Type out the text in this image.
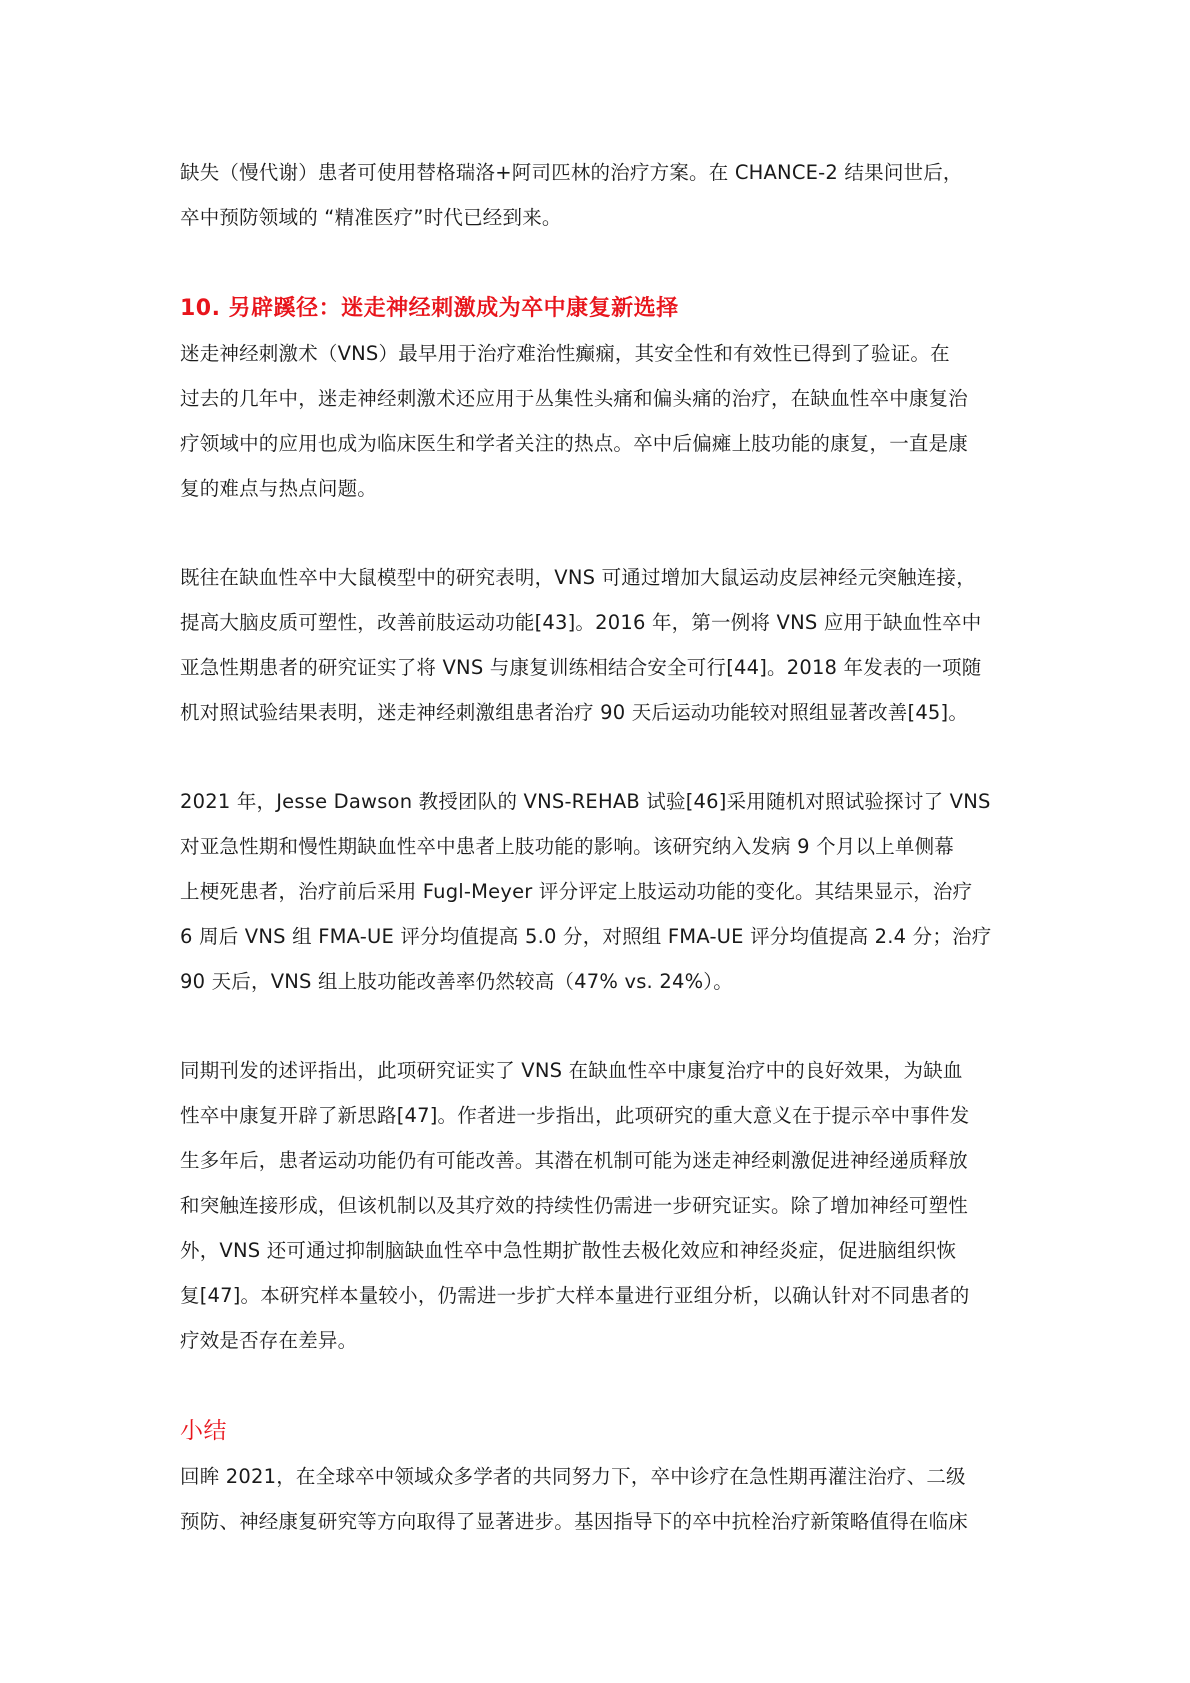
缺失（慢代谢）患者可使用替格瑞洛+阿司匹林的治疗方案。在 CHANCE-2 结果问世后，
卒中预防领域的 “精准医疗”时代已经到来。

10. 另辟蹊径：迷走神经刺激成为卒中康复新选择

迷走神经刺激术（VNS）最早用于治疗难治性癫痫，其安全性和有效性已得到了验证。在
过去的几年中，迷走神经刺激术还应用于丛集性头痛和偏头痛的治疗，在缺血性卒中康复治
疗领域中的应用也成为临床医生和学者关注的热点。卒中后偏瘫上肢功能的康复，一直是康
复的难点与热点问题。

既往在缺血性卒中大鼠模型中的研究表明，VNS 可通过增加大鼠运动皮层神经元突触连接，
提高大脑皮质可塑性，改善前肢运动功能[43]。2016 年，第一例将 VNS 应用于缺血性卒中
亚急性期患者的研究证实了将 VNS 与康复训练相结合安全可行[44]。2018 年发表的一项随
机对照试验结果表明，迷走神经刺激组患者治疗 90 天后运动功能较对照组显著改善[45]。

2021 年，Jesse Dawson 教授团队的 VNS-REHAB 试验[46]采用随机对照试验探讨了 VNS
对亚急性期和慢性期缺血性卒中患者上肢功能的影响。该研究纳入发病 9 个月以上单侧幕
上梗死患者，治疗前后采用 Fugl-Meyer 评分评定上肢运动功能的变化。其结果显示，治疗
6 周后 VNS 组 FMA-UE 评分均值提高 5.0 分，对照组 FMA-UE 评分均值提高 2.4 分；治疗
90 天后，VNS 组上肢功能改善率仍然较高（47% vs. 24%）。

同期刊发的述评指出，此项研究证实了 VNS 在缺血性卒中康复治疗中的良好效果，为缺血
性卒中康复开辟了新思路[47]。作者进一步指出，此项研究的重大意义在于提示卒中事件发
生多年后，患者运动功能仍有可能改善。其潜在机制可能为迷走神经刺激促进神经递质释放
和突触连接形成，但该机制以及其疗效的持续性仍需进一步研究证实。除了增加神经可塑性
外，VNS 还可通过抑制脑缺血性卒中急性期扩散性去极化效应和神经炎症，促进脑组织恢
复[47]。本研究样本量较小，仍需进一步扩大样本量进行亚组分析，以确认针对不同患者的
疗效是否存在差异。

小结

回眸 2021，在全球卒中领域众多学者的共同努力下，卒中诊疗在急性期再灌注治疗、二级
预防、神经康复研究等方向取得了显著进步。基因指导下的卒中抗栓治疗新策略值得在临床
